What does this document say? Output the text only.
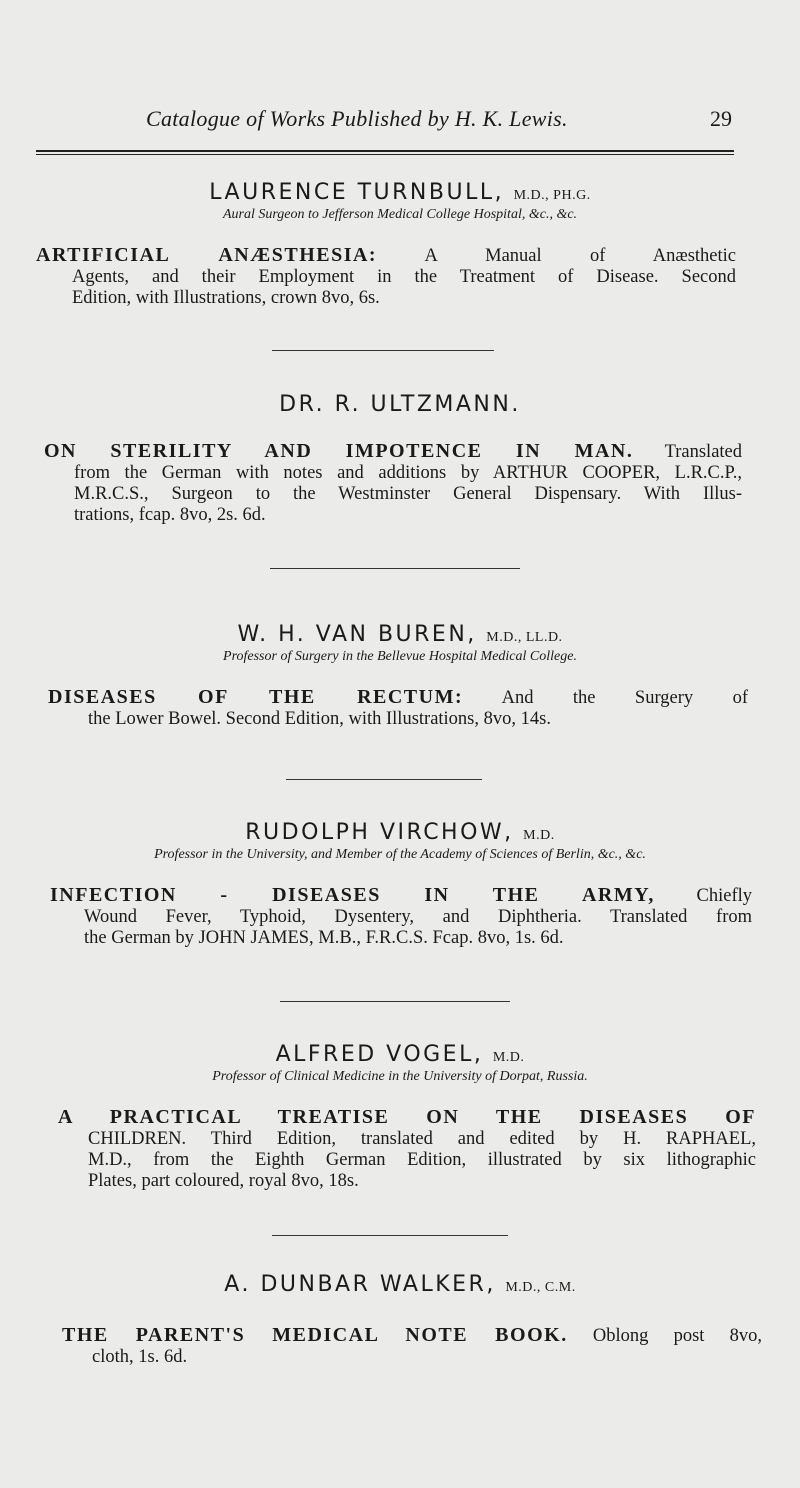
Catalogue of Works Published by H. K. Lewis.	29
LAURENCE TURNBULL, M.D., PH.G.
Aural Surgeon to Jefferson Medical College Hospital, &c., &c.
ARTIFICIAL ANÆSTHESIA:	A Manual of Anæsthetic
Agents, and their Employment in the Treatment of Disease. Second
Edition, with Illustrations, crown 8vo, 6s.
DR. R. ULTZMANN.
ON STERILITY AND IMPOTENCE IN MAN. Translated
from the German with notes and additions by ARTHUR COOPER, L.R.C.P.,
M.R.C.S., Surgeon to the Westminster General Dispensary. With Illus-
trations, fcap. 8vo, 2s. 6d.
W. H. VAN BUREN, M.D., LL.D.
Professor of Surgery in the Bellevue Hospital Medical College.
DISEASES OF THE RECTUM: And the Surgery of
the Lower Bowel. Second Edition, with Illustrations, 8vo, 14s.
RUDOLPH VIRCHOW, M.D.
Professor in the University, and Member of the Academy of Sciences of Berlin, &c., &c.
INFECTION - DISEASES IN THE ARMY, Chiefly
Wound Fever, Typhoid, Dysentery, and Diphtheria. Translated from
the German by JOHN JAMES, M.B., F.R.C.S. Fcap. 8vo, 1s. 6d.
ALFRED VOGEL, M.D.
Professor of Clinical Medicine in the University of Dorpat, Russia.
A PRACTICAL TREATISE ON THE DISEASES OF
CHILDREN. Third Edition, translated and edited by H. RAPHAEL,
M.D., from the Eighth German Edition, illustrated by six lithographic
Plates, part coloured, royal 8vo, 18s.
A. DUNBAR WALKER, M.D., C.M.
THE PARENT'S MEDICAL NOTE BOOK. Oblong post 8vo,
cloth, 1s. 6d.
